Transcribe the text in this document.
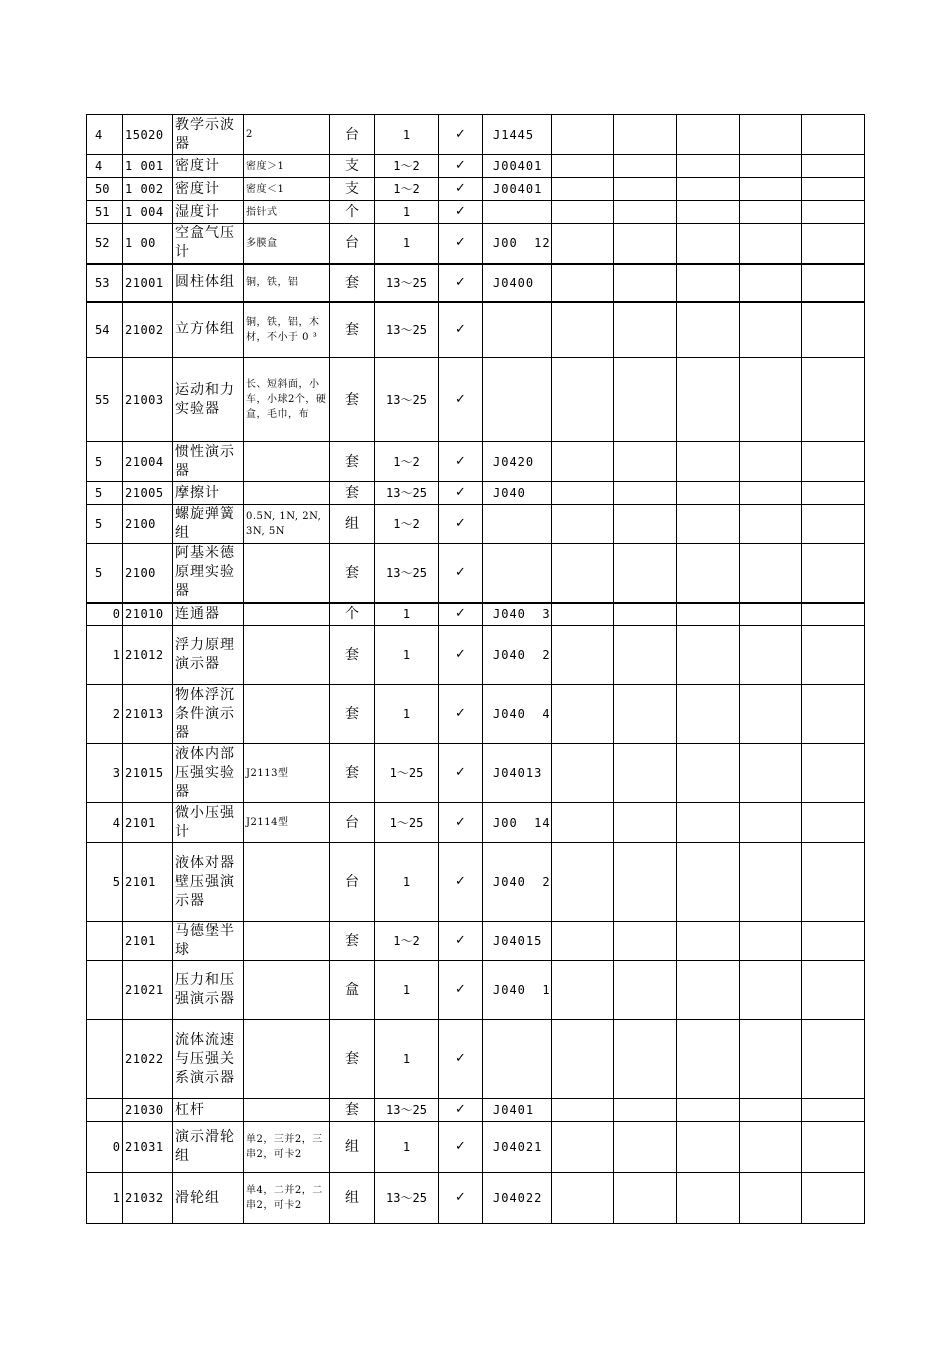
4	15020	教学示波器	2	台	1	✓	J1445					
4	1 001	密度计	密度＞1	支	1～2	✓	J00401					
50	1 002	密度计	密度＜1	支	1～2	✓	J00401					
51	1 004	湿度计	指针式	个	1	✓						
52	1 00	空盒气压计	多膜盒	台	1	✓	J00  12					
53	21001	圆柱体组	铜，铁，铝	套	13～25	✓	J0400					
54	21002	立方体组	铜，铁，铝，木材，不小于 0 ³	套	13～25	✓						
55	21003	运动和力实验器	长、短斜面，小车，小球2个，硬盒，毛巾，布	套	13～25	✓						
5	21004	惯性演示器		套	1～2	✓	J0420					
5	21005	摩擦计		套	13～25	✓	J040					
5	2100	螺旋弹簧组	0.5N, 1N, 2N, 3N, 5N	组	1～2	✓						
5	2100	阿基米德原理实验器		套	13～25	✓						
0	21010	连通器		个	1	✓	J040  3					
1	21012	浮力原理演示器		套	1	✓	J040  2					
2	21013	物体浮沉条件演示器		套	1	✓	J040  4					
3	21015	液体内部压强实验器	J2113型	套	1～25	✓	J04013					
4	2101	微小压强计	J2114型	台	1～25	✓	J00  14					
5	2101	液体对器壁压强演示器		台	1	✓	J040  2					
	2101	马德堡半球		套	1～2	✓	J04015					
	21021	压力和压强演示器		盒	1	✓	J040  1					
	21022	流体流速与压强关系演示器		套	1	✓						
	21030	杠杆		套	13～25	✓	J0401					
0	21031	演示滑轮组	单2，三并2，三串2，可卡2	组	1	✓	J04021					
1	21032	滑轮组	单4，二并2，二串2，可卡2	组	13～25	✓	J04022					
